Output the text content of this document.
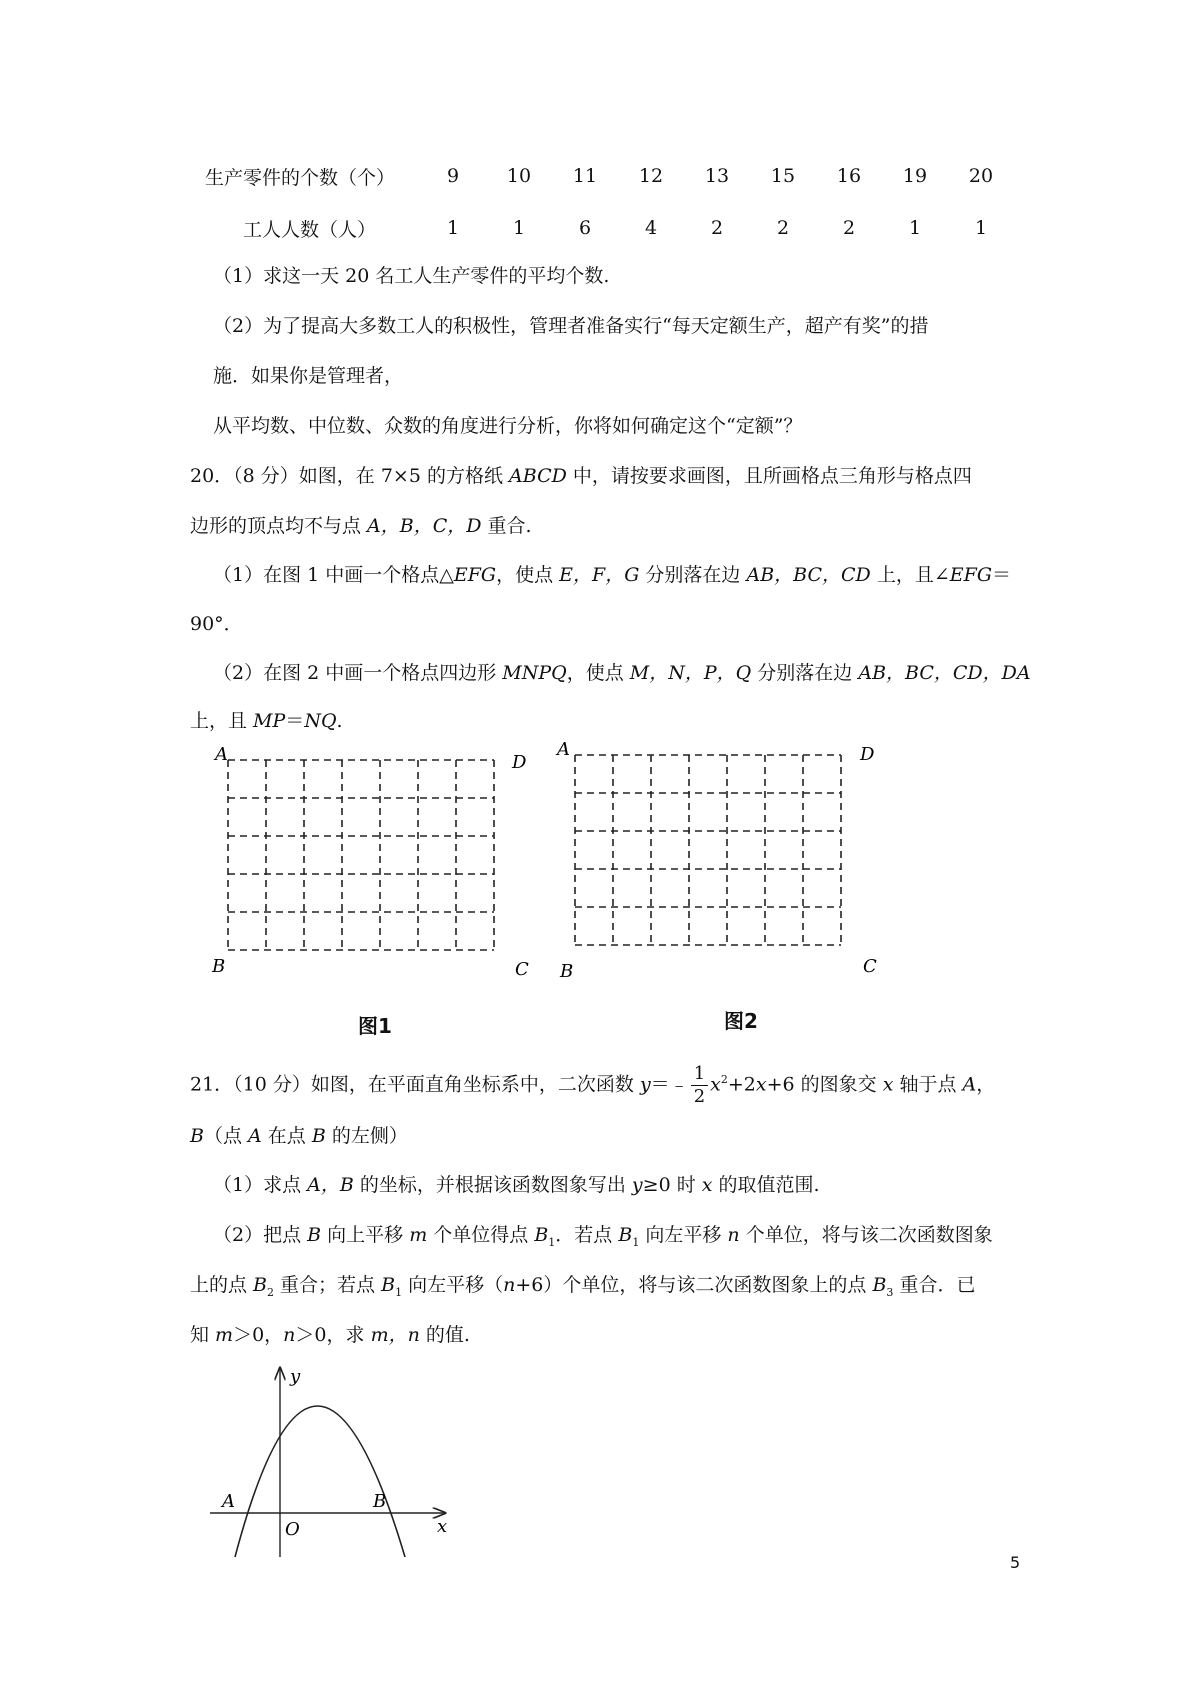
生产零件的个数（个）	9	10	11	12	13	15	16	19	20
工人人数（人）	1	1	6	4	2	2	2	1	1
（1）求这一天 20 名工人生产零件的平均个数.
（2）为了提高大多数工人的积极性，管理者准备实行“每天定额生产，超产有奖”的措
施．如果你是管理者，
从平均数、中位数、众数的角度进行分析，你将如何确定这个“定额”？
20．（8 分）如图，在 7×5 的方格纸 ABCD 中，请按要求画图，且所画格点三角形与格点四
边形的顶点均不与点 A，B，C，D 重合.
（1）在图 1 中画一个格点△EFG，使点 E，F，G 分别落在边 AB，BC，CD 上，且∠EFG＝
90°．
（2）在图 2 中画一个格点四边形 MNPQ，使点 M，N，P，Q 分别落在边 AB，BC，CD，DA
上，且 MP＝NQ.
A	D
B	C
图1
A	D
B	C
图2
21．（10 分）如图，在平面直角坐标系中，二次函数 y＝﹣ $\frac{1}{2} x^2+2x+6$ 的图象交 x 轴于点 A，
B（点 A 在点 B 的左侧）
（1）求点 A，B 的坐标，并根据该函数图象写出 y≥0 时 x 的取值范围.
（2）把点 B 向上平移 m 个单位得点 $B_1$．若点 $B_1$ 向左平移 n 个单位，将与该二次函数图象
上的点 $B_2$ 重合；若点 $B_1$ 向左平移（n+6）个单位，将与该二次函数图象上的点 $B_3$ 重合．已
知 m＞0，n＞0，求 m，n 的值.
y
x
O
A	B
5
